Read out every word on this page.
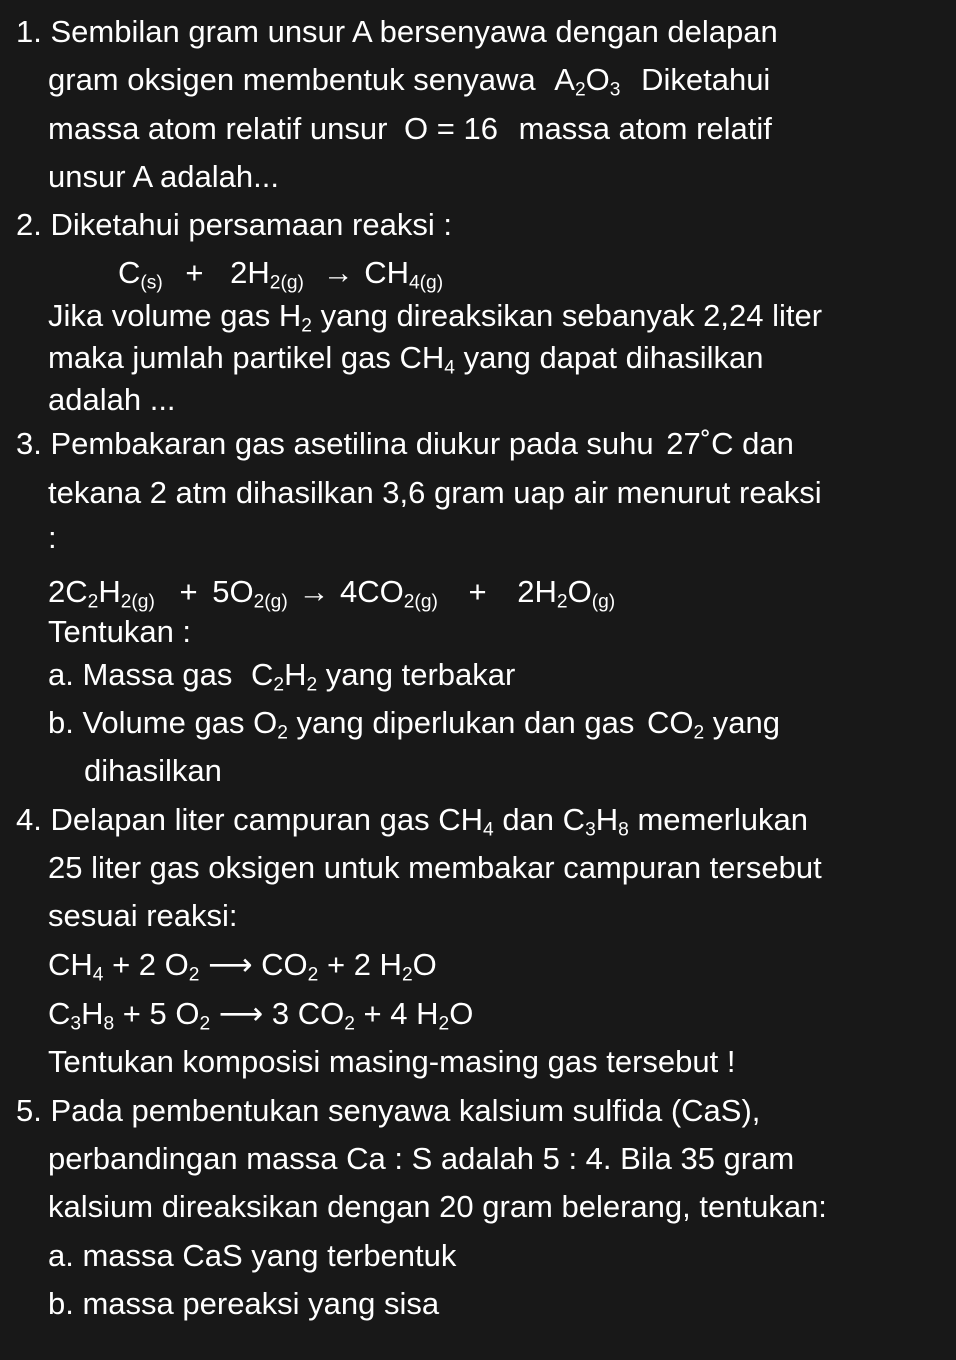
1. Sembilan gram unsur A bersenyawa dengan delapan
gram oksigen membentuk senyawa $A_2O_3$ Diketahui
massa atom relatif unsur O = 16 massa atom relatif
unsur A adalah...
2. Diketahui persamaan reaksi :
$C_{(s)} + 2H_{2(g)} \to CH_{4(g)}$
Jika volume gas $H_2$ yang direaksikan sebanyak 2,24 liter
maka jumlah partikel gas $CH_4$ yang dapat dihasilkan
adalah ...
3. Pembakaran gas asetilina diukur pada suhu 27˚C dan
tekana 2 atm dihasilkan 3,6 gram uap air menurut reaksi
:
$2C_2H_{2(g)} + 5O_{2(g)} \to 4CO_{2(g)} + 2H_2O_{(g)}$
Tentukan :
a. Massa gas $C_2H_2$ yang terbakar
b. Volume gas $O_2$ yang diperlukan dan gas $CO_2$ yang
dihasilkan
4. Delapan liter campuran gas $CH_4$ dan $C_3H_8$ memerlukan
25 liter gas oksigen untuk membakar campuran tersebut
sesuai reaksi:
$CH_4 + 2$ $O_2$ ⟶ $CO_2 + 2$ $H_2O$
$C_3H_8 + 5$ $O_2$ ⟶ 3 $CO_2 + 4$ $H_2O$
Tentukan komposisi masing-masing gas tersebut !
5. Pada pembentukan senyawa kalsium sulfida (CaS),
perbandingan massa Ca : S adalah 5 : 4. Bila 35 gram
kalsium direaksikan dengan 20 gram belerang, tentukan:
a. massa CaS yang terbentuk
b. massa pereaksi yang sisa
